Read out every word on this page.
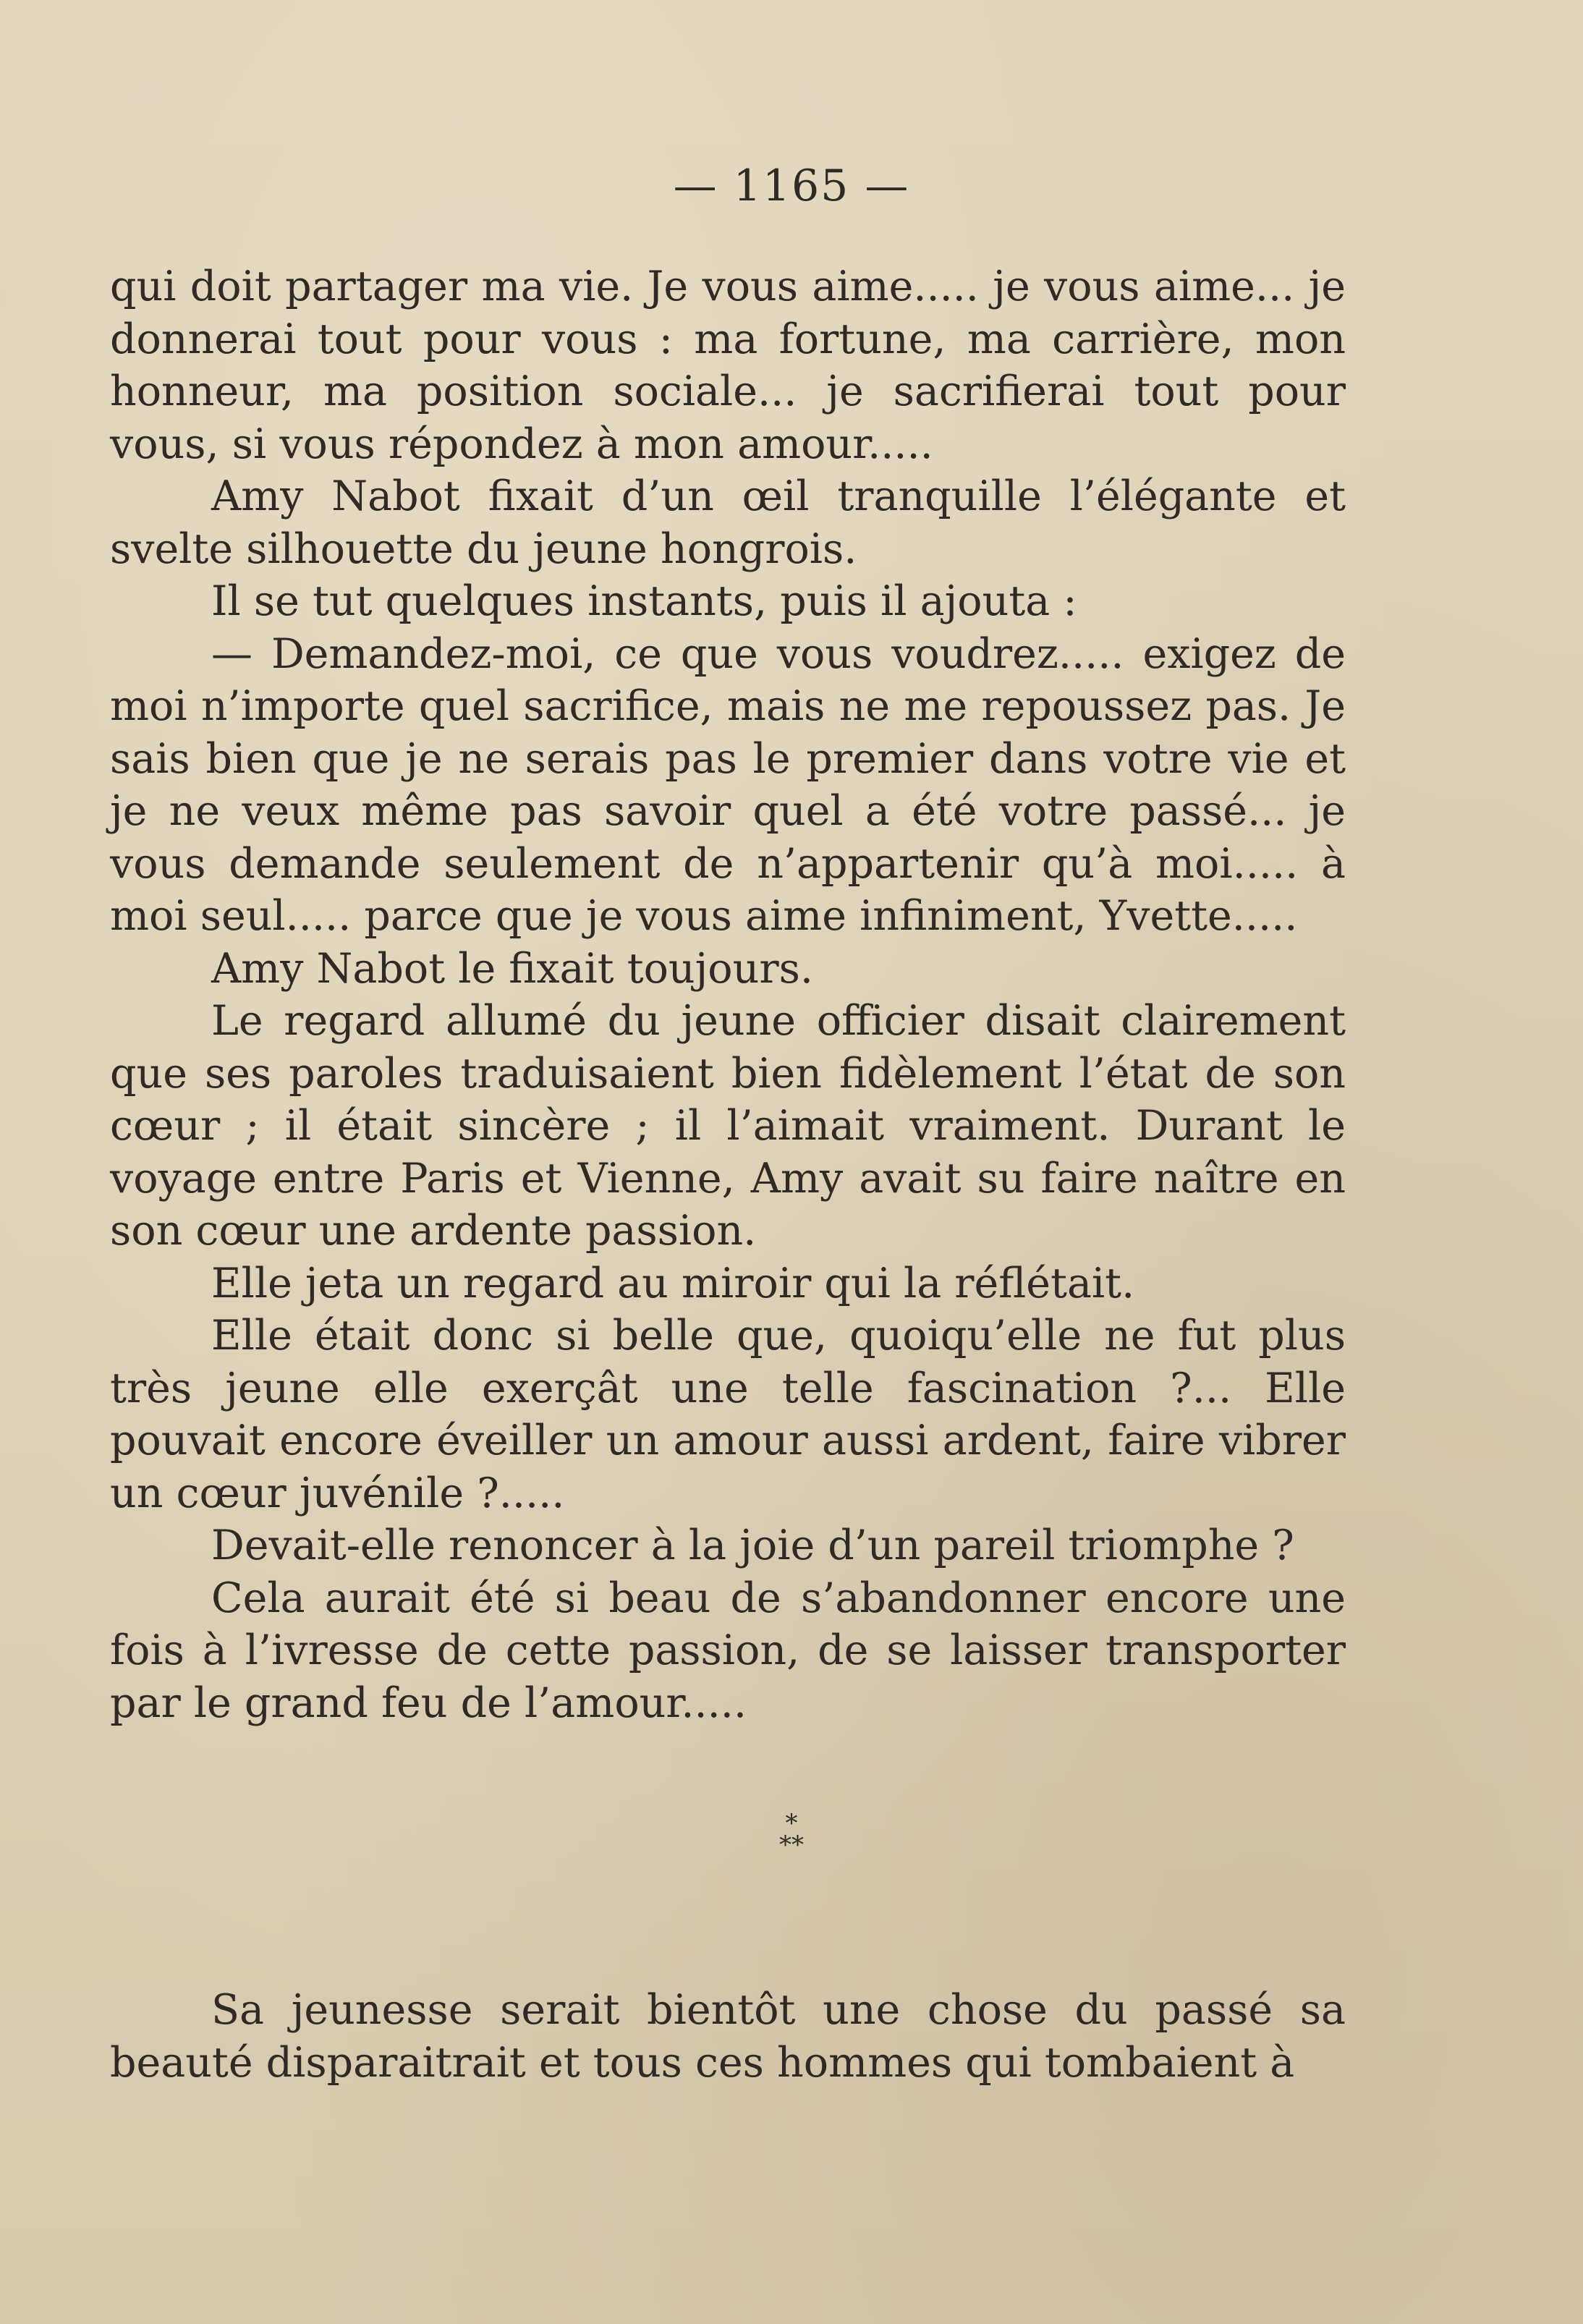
— 1165 —

qui doit partager ma vie. Je vous aime..... je vous aime... je donnerai tout pour vous : ma fortune, ma carrière, mon honneur, ma position sociale... je sacrifierai tout pour vous, si vous répondez à mon amour.....

Amy Nabot fixait d’un œil tranquille l’élégante et svelte silhouette du jeune hongrois.

Il se tut quelques instants, puis il ajouta :

— Demandez-moi, ce que vous voudrez..... exigez de moi n’importe quel sacrifice, mais ne me repoussez pas. Je sais bien que je ne serais pas le premier dans votre vie et je ne veux même pas savoir quel a été votre passé... je vous demande seulement de n’appartenir qu’à moi..... à moi seul..... parce que je vous aime infiniment, Yvette.....

Amy Nabot le fixait toujours.

Le regard allumé du jeune officier disait clairement que ses paroles traduisaient bien fidèlement l’état de son cœur ; il était sincère ; il l’aimait vraiment. Durant le voyage entre Paris et Vienne, Amy avait su faire naître en son cœur une ardente passion.

Elle jeta un regard au miroir qui la réflétait.

Elle était donc si belle que, quoiqu’elle ne fut plus très jeune elle exerçât une telle fascination ?... Elle pouvait encore éveiller un amour aussi ardent, faire vibrer un cœur juvénile ?.....

Devait-elle renoncer à la joie d’un pareil triomphe ?

Cela aurait été si beau de s’abandonner encore une fois à l’ivresse de cette passion, de se laisser transporter par le grand feu de l’amour.....

*
**

Sa jeunesse serait bientôt une chose du passé sa beauté disparaitrait et tous ces hommes qui tombaient à
